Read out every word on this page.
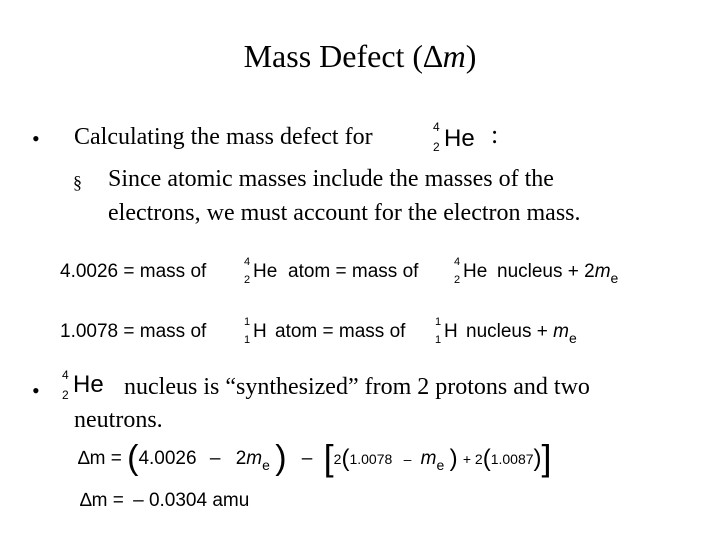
Mass Defect (∆m)
• Calculating the mass defect for	4
2 He :
§ Since atomic masses include the masses of the
electrons, we must account for the electron mass.
4.0026 = mass of	4
2 He atom = mass of	4
2 He nucleus + $2m_e$
1.0078 = mass of	1
1 H atom = mass of	1
1 H nucleus + $m_e$
•
4
2 He nucleus is “synthesized” from 2 protons and two
neutrons.
$\Delta m = (4.0026 - 2m_e$ ) – [$2(1.0078 - m_e$ ) + 2(1.0087)]
∆m = – 0.0304 amu
